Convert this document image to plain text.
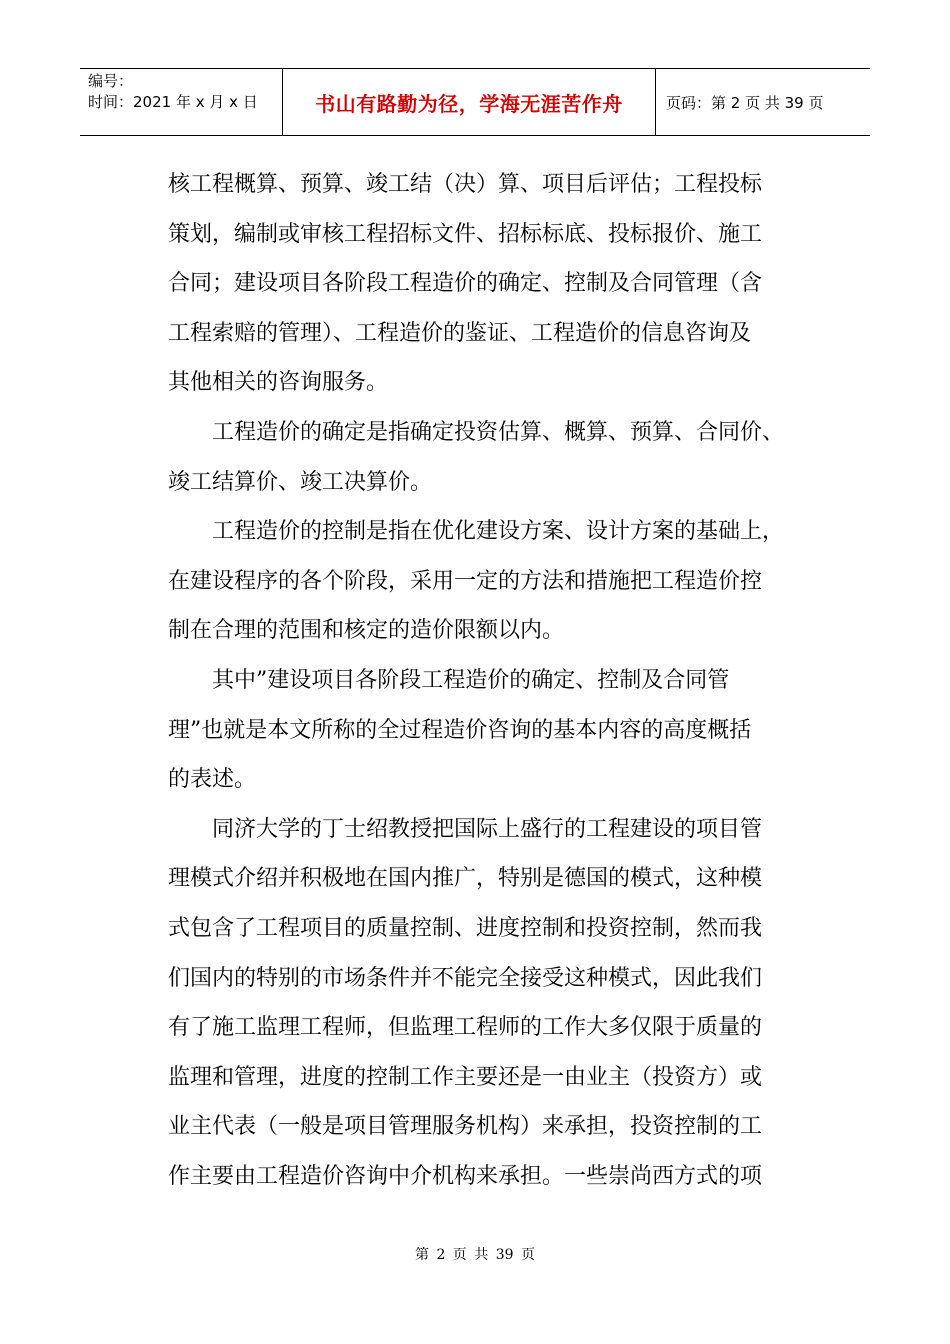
编号：
时间：2021 年 x 月 x 日	书山有路勤为径，学海无涯苦作舟	页码：第 2 页 共 39 页

核工程概算、预算、竣工结（决）算、项目后评估；工程投标
策划，编制或审核工程招标文件、招标标底、投标报价、施工
合同；建设项目各阶段工程造价的确定、控制及合同管理（含
工程索赔的管理）、工程造价的鉴证、工程造价的信息咨询及
其他相关的咨询服务。

工程造价的确定是指确定投资估算、概算、预算、合同价、
竣工结算价、竣工决算价。

工程造价的控制是指在优化建设方案、设计方案的基础上，
在建设程序的各个阶段，采用一定的方法和措施把工程造价控
制在合理的范围和核定的造价限额以内。

其中”建设项目各阶段工程造价的确定、控制及合同管
理”也就是本文所称的全过程造价咨询的基本内容的高度概括
的表述。

同济大学的丁士绍教授把国际上盛行的工程建设的项目管
理模式介绍并积极地在国内推广，特别是德国的模式，这种模
式包含了工程项目的质量控制、进度控制和投资控制，然而我
们国内的特别的市场条件并不能完全接受这种模式，因此我们
有了施工监理工程师，但监理工程师的工作大多仅限于质量的
监理和管理，进度的控制工作主要还是一由业主（投资方）或
业主代表（一般是项目管理服务机构）来承担，投资控制的工
作主要由工程造价咨询中介机构来承担。一些崇尚西方式的项

第 2 页 共 39 页
